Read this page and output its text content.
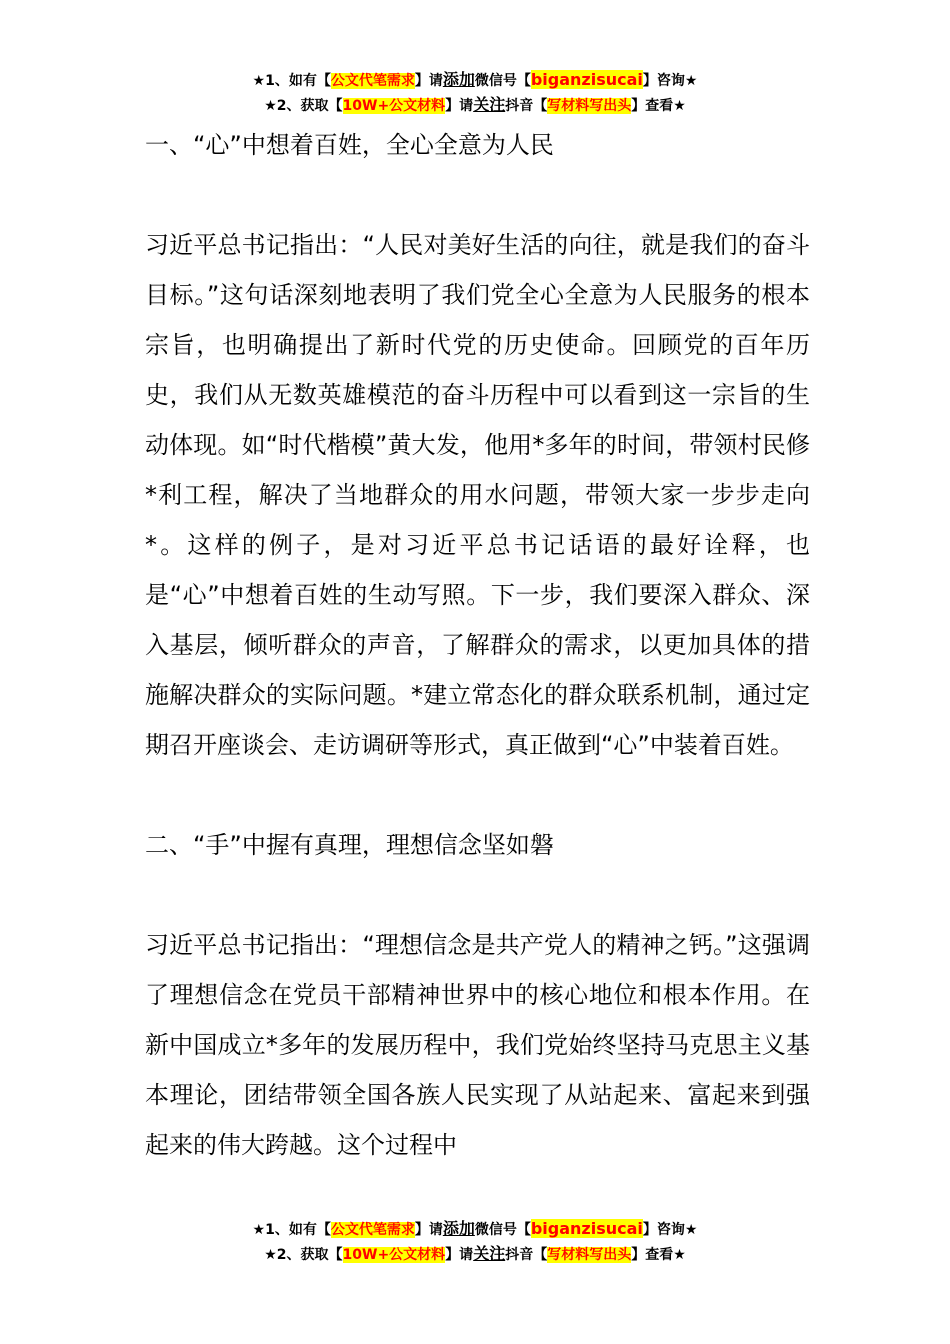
★1、如有【公文代笔需求】请添加微信号【biganzisucai】咨询★
★2、获取【10W+公文材料】请关注抖音【写材料写出头】查看★
一、“心”中想着百姓，全心全意为人民
习近平总书记指出：“人民对美好生活的向往，就是我们的奋斗目标。”这句话深刻地表明了我们党全心全意为人民服务的根本宗旨，也明确提出了新时代党的历史使命。回顾党的百年历史，我们从无数英雄模范的奋斗历程中可以看到这一宗旨的生动体现。如“时代楷模”黄大发，他用*多年的时间，带领村民修*利工程，解决了当地群众的用水问题，带领大家一步步走向*。这样的例子，是对习近平总书记话语的最好诠释，也是“心”中想着百姓的生动写照。下一步，我们要深入群众、深入基层，倾听群众的声音，了解群众的需求，以更加具体的措施解决群众的实际问题。*建立常态化的群众联系机制，通过定期召开座谈会、走访调研等形式，真正做到“心”中装着百姓。
二、“手”中握有真理，理想信念坚如磐
习近平总书记指出：“理想信念是共产党人的精神之钙。”这强调了理想信念在党员干部精神世界中的核心地位和根本作用。在新中国成立*多年的发展历程中，我们党始终坚持马克思主义基本理论，团结带领全国各族人民实现了从站起来、富起来到强起来的伟大跨越。这个过程中
★1、如有【公文代笔需求】请添加微信号【biganzisucai】咨询★
★2、获取【10W+公文材料】请关注抖音【写材料写出头】查看★
